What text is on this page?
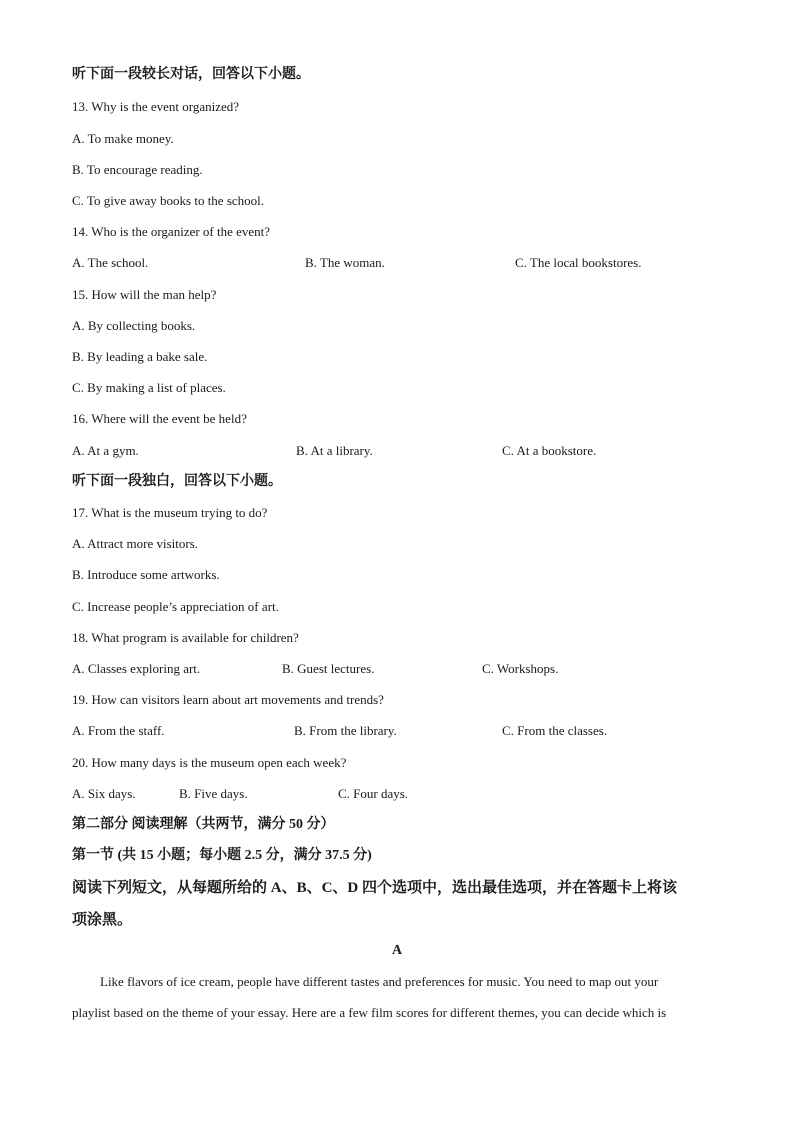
听下面一段较长对话，回答以下小题。
13. Why is the event organized?
A. To make money.
B. To encourage reading.
C. To give away books to the school.
14. Who is the organizer of the event?
A. The school.	B. The woman.	C. The local bookstores.
15. How will the man help?
A. By collecting books.
B. By leading a bake sale.
C. By making a list of places.
16. Where will the event be held?
A. At a gym.	B. At a library.	C. At a bookstore.
听下面一段独白，回答以下小题。
17. What is the museum trying to do?
A. Attract more visitors.
B. Introduce some artworks.
C. Increase people’s appreciation of art.
18. What program is available for children?
A. Classes exploring art.	B. Guest lectures.	C. Workshops.
19. How can visitors learn about art movements and trends?
A. From the staff.	B. From the library.	C. From the classes.
20. How many days is the museum open each week?
A. Six days.	B. Five days.	C. Four days.
第二部分 阅读理解（共两节，满分 50 分）
第一节 (共 15 小题；每小题 2.5 分，满分 37.5 分)
阅读下列短文，从每题所给的 A、B、C、D 四个选项中，选出最佳选项，并在答题卡上将该
项涂黑。
A
Like flavors of ice cream, people have different tastes and preferences for music. You need to map out your
playlist based on the theme of your essay. Here are a few film scores for different themes, you can decide which is
